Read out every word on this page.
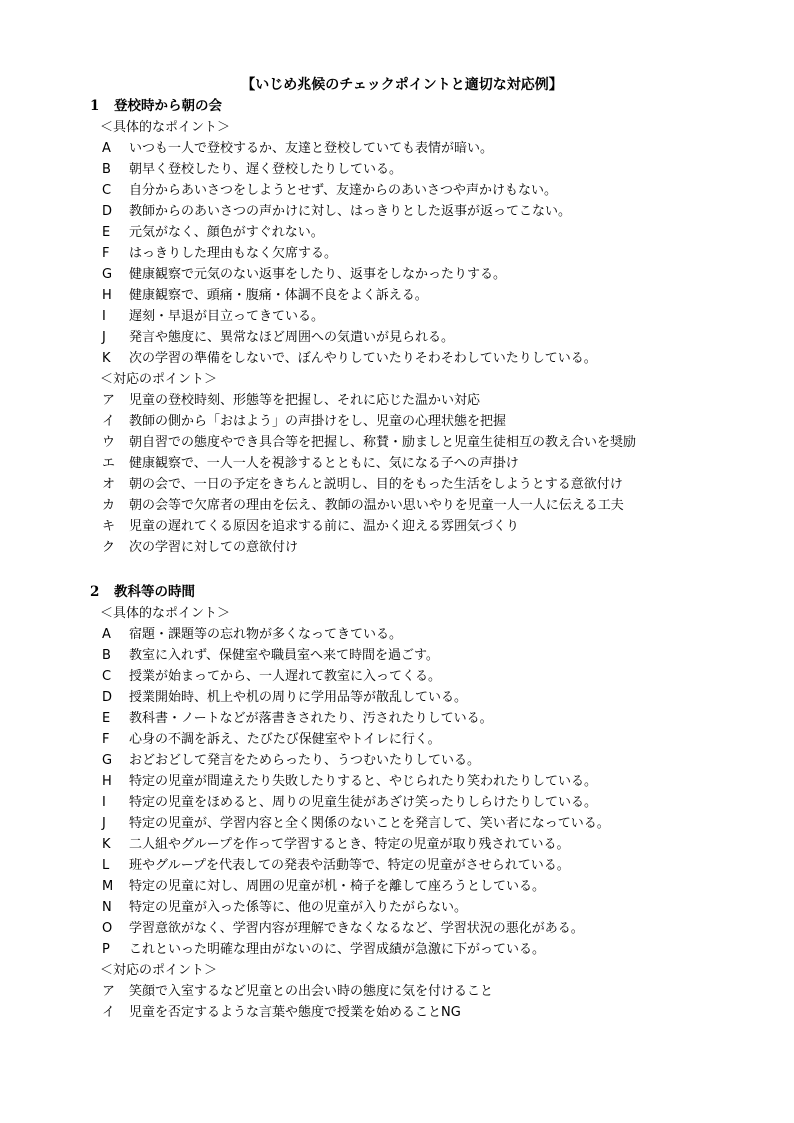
【いじめ兆候のチェックポイントと適切な対応例】
1 登校時から朝の会
＜具体的なポイント＞
A	いつも一人で登校するか、友達と登校していても表情が暗い。
B	朝早く登校したり、遅く登校したりしている。
C	自分からあいさつをしようとせず、友達からのあいさつや声かけもない。
D	教師からのあいさつの声かけに対し、はっきりとした返事が返ってこない。
E	元気がなく、顔色がすぐれない。
F	はっきりした理由もなく欠席する。
G	健康観察で元気のない返事をしたり、返事をしなかったりする。
H	健康観察で、頭痛・腹痛・体調不良をよく訴える。
I	遅刻・早退が目立ってきている。
J	発言や態度に、異常なほど周囲への気遣いが見られる。
K	次の学習の準備をしないで、ぼんやりしていたりそわそわしていたりしている。
＜対応のポイント＞
ア	児童の登校時刻、形態等を把握し、それに応じた温かい対応
イ	教師の側から「おはよう」の声掛けをし、児童の心理状態を把握
ウ	朝自習での態度やでき具合等を把握し、称賛・励ましと児童生徒相互の教え合いを奨励
エ	健康観察で、一人一人を視診するとともに、気になる子への声掛け
オ	朝の会で、一日の予定をきちんと説明し、目的をもった生活をしようとする意欲付け
カ	朝の会等で欠席者の理由を伝え、教師の温かい思いやりを児童一人一人に伝える工夫
キ	児童の遅れてくる原因を追求する前に、温かく迎える雰囲気づくり
ク	次の学習に対しての意欲付け
2 教科等の時間
＜具体的なポイント＞
A	宿題・課題等の忘れ物が多くなってきている。
B	教室に入れず、保健室や職員室へ来て時間を過ごす。
C	授業が始まってから、一人遅れて教室に入ってくる。
D	授業開始時、机上や机の周りに学用品等が散乱している。
E	教科書・ノートなどが落書きされたり、汚されたりしている。
F	心身の不調を訴え、たびたび保健室やトイレに行く。
G	おどおどして発言をためらったり、うつむいたりしている。
H	特定の児童が間違えたり失敗したりすると、やじられたり笑われたりしている。
I	特定の児童をほめると、周りの児童生徒があざけ笑ったりしらけたりしている。
J	特定の児童が、学習内容と全く関係のないことを発言して、笑い者になっている。
K	二人組やグループを作って学習するとき、特定の児童が取り残されている。
L	班やグループを代表しての発表や活動等で、特定の児童がさせられている。
M	特定の児童に対し、周囲の児童が机・椅子を離して座ろうとしている。
N	特定の児童が入った係等に、他の児童が入りたがらない。
O	学習意欲がなく、学習内容が理解できなくなるなど、学習状況の悪化がある。
P	これといった明確な理由がないのに、学習成績が急激に下がっている。
＜対応のポイント＞
ア	笑顔で入室するなど児童との出会い時の態度に気を付けること
イ	児童を否定するような言葉や態度で授業を始めることNG
